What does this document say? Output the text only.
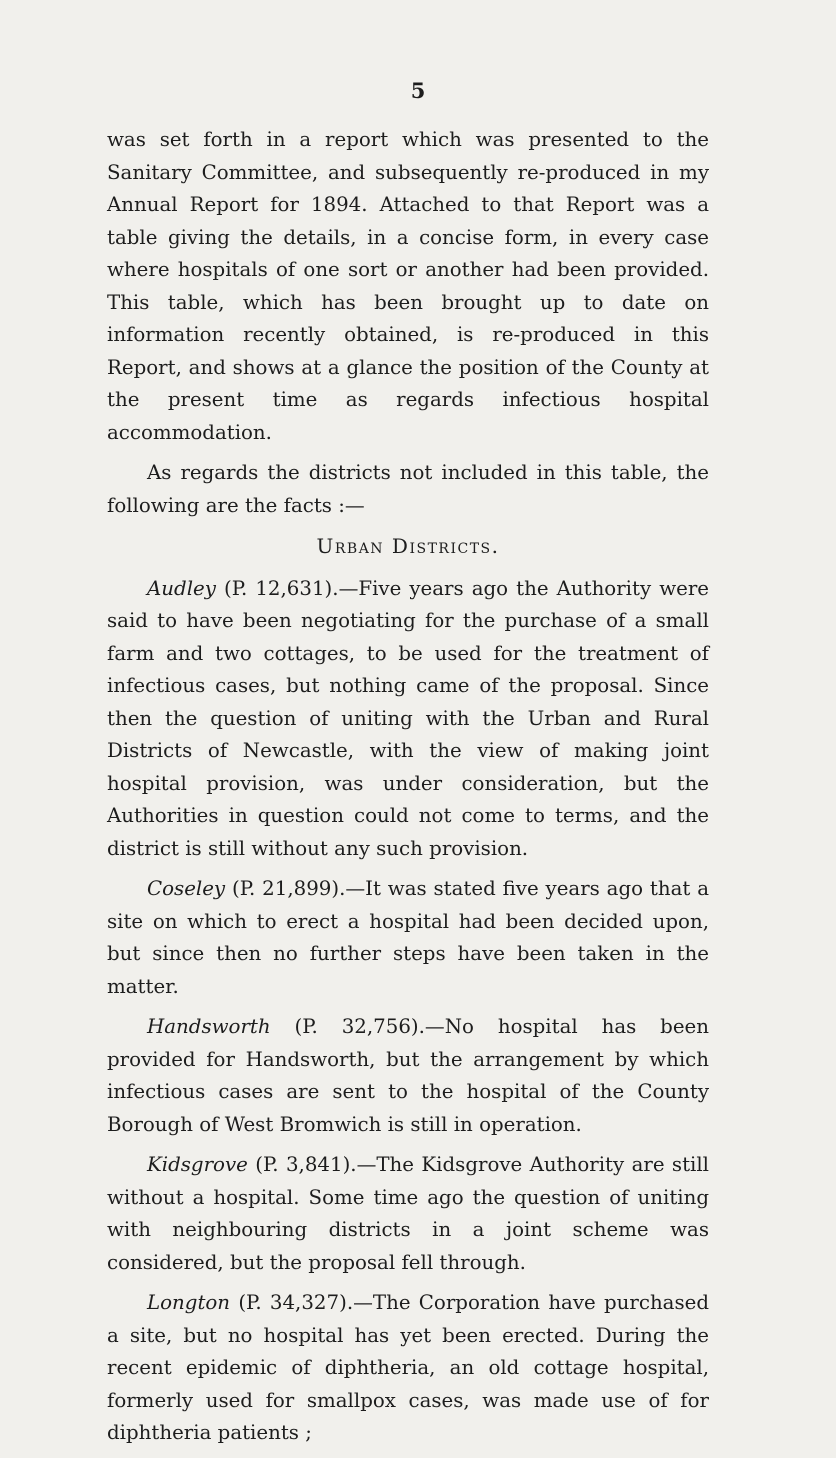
5

was set forth in a report which was presented to the Sanitary Committee, and subsequently re-produced in my Annual Report for 1894. Attached to that Report was a table giving the details, in a concise form, in every case where hospitals of one sort or another had been provided. This table, which has been brought up to date on information recently obtained, is re-produced in this Report, and shows at a glance the position of the County at the present time as regards infectious hospital accommodation.

As regards the districts not included in this table, the following are the facts :—

Urban Districts.

Audley (P. 12,631).—Five years ago the Authority were said to have been negotiating for the purchase of a small farm and two cottages, to be used for the treatment of infectious cases, but nothing came of the proposal. Since then the question of uniting with the Urban and Rural Districts of Newcastle, with the view of making joint hospital provision, was under consideration, but the Authorities in question could not come to terms, and the district is still without any such provision.

Coseley (P. 21,899).—It was stated five years ago that a site on which to erect a hospital had been decided upon, but since then no further steps have been taken in the matter.

Handsworth (P. 32,756).—No hospital has been provided for Handsworth, but the arrangement by which infectious cases are sent to the hospital of the County Borough of West Bromwich is still in operation.

Kidsgrove (P. 3,841).—The Kidsgrove Authority are still without a hospital. Some time ago the question of uniting with neighbouring districts in a joint scheme was considered, but the proposal fell through.

Longton (P. 34,327).—The Corporation have purchased a site, but no hospital has yet been erected. During the recent epidemic of diphtheria, an old cottage hospital, formerly used for smallpox cases, was made use of for diphtheria patients ;
